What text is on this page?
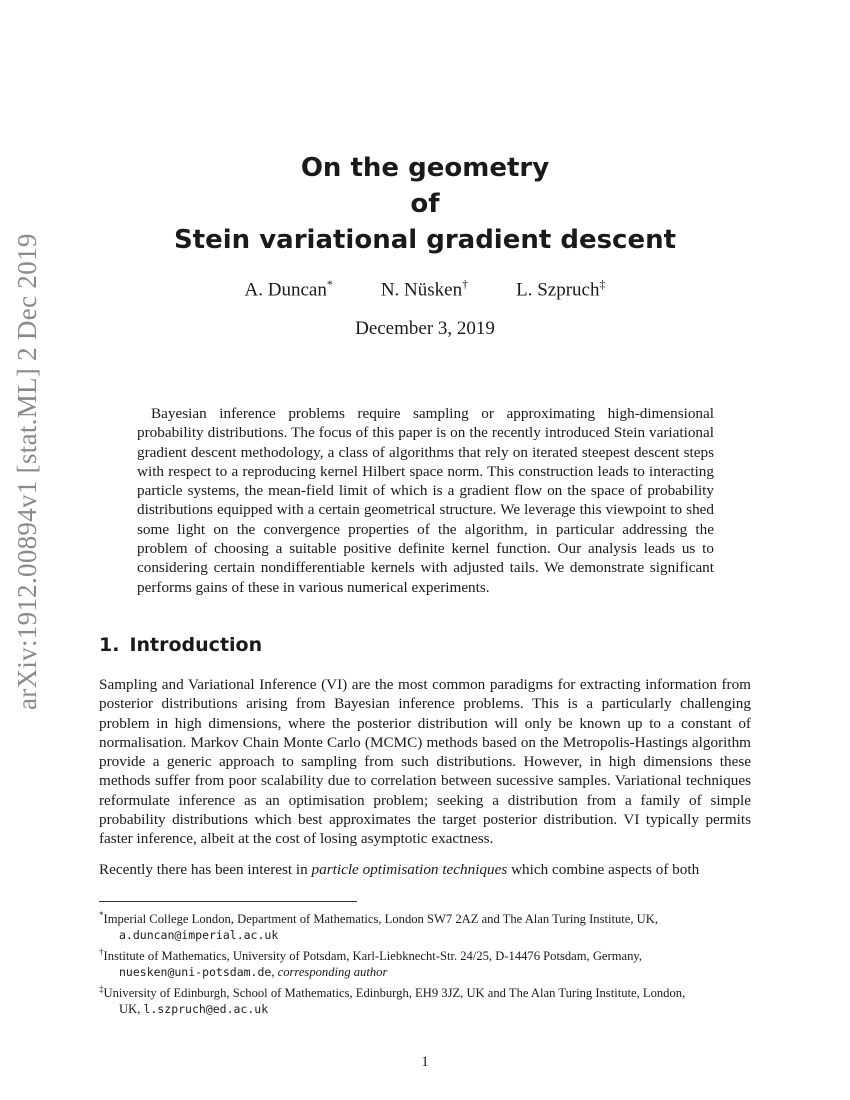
arXiv:1912.00894v1 [stat.ML] 2 Dec 2019
On the geometry
of
Stein variational gradient descent
A. Duncan*	N. Nüsken†	L. Szpruch‡
December 3, 2019

Bayesian inference problems require sampling or approximating high-dimensional probability distributions. The focus of this paper is on the recently introduced Stein variational gradient descent methodology, a class of algorithms that rely on iterated steepest descent steps with respect to a reproducing kernel Hilbert space norm. This construction leads to interacting particle systems, the mean-field limit of which is a gradient flow on the space of probability distributions equipped with a certain geometrical structure. We leverage this viewpoint to shed some light on the convergence properties of the algorithm, in particular addressing the problem of choosing a suitable positive definite kernel function. Our analysis leads us to considering certain nondifferentiable kernels with adjusted tails. We demonstrate significant performs gains of these in various numerical experiments.

1. Introduction

Sampling and Variational Inference (VI) are the most common paradigms for extracting information from posterior distributions arising from Bayesian inference problems. This is a particularly challenging problem in high dimensions, where the posterior distribution will only be known up to a constant of normalisation. Markov Chain Monte Carlo (MCMC) methods based on the Metropolis-Hastings algorithm provide a generic approach to sampling from such distributions. However, in high dimensions these methods suffer from poor scalability due to correlation between sucessive samples. Variational techniques reformulate inference as an optimisation problem; seeking a distribution from a family of simple probability distributions which best approximates the target posterior distribution. VI typically permits faster inference, albeit at the cost of losing asymptotic exactness.

Recently there has been interest in particle optimisation techniques which combine aspects of both

*Imperial College London, Department of Mathematics, London SW7 2AZ and The Alan Turing Institute, UK,
a.duncan@imperial.ac.uk

†Institute of Mathematics, University of Potsdam, Karl-Liebknecht-Str. 24/25, D-14476 Potsdam, Germany,
nuesken@uni-potsdam.de, corresponding author

‡University of Edinburgh, School of Mathematics, Edinburgh, EH9 3JZ, UK and The Alan Turing Institute, London,
UK, l.szpruch@ed.ac.uk

1
